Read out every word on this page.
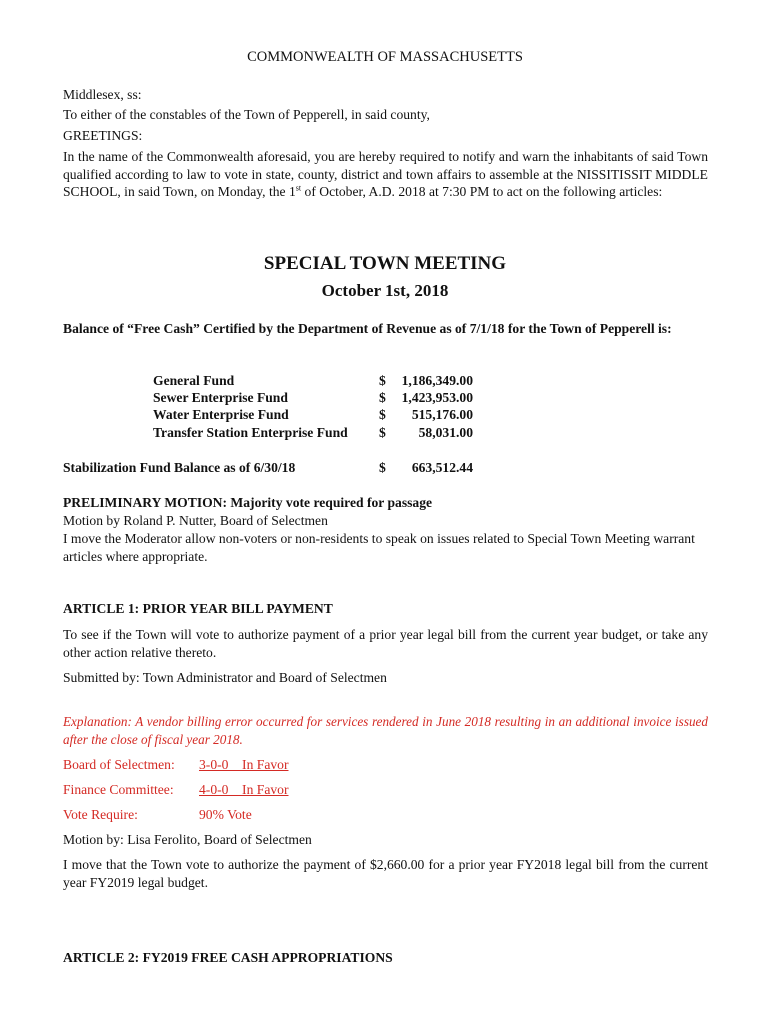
COMMONWEALTH OF MASSACHUSETTS
Middlesex, ss:
To either of the constables of the Town of Pepperell, in said county,
GREETINGS:
In the name of the Commonwealth aforesaid, you are hereby required to notify and warn the inhabitants of said Town qualified according to law to vote in state, county, district and town affairs to assemble at the NISSITISSIT MIDDLE SCHOOL, in said Town, on Monday, the 1st of October, A.D. 2018 at 7:30 PM to act on the following articles:
SPECIAL TOWN MEETING
October 1st, 2018
Balance of “Free Cash” Certified by the Department of Revenue as of 7/1/18 for the Town of Pepperell is:
General Fund	$ 1,186,349.00
Sewer Enterprise Fund	$ 1,423,953.00
Water Enterprise Fund	$ 515,176.00
Transfer Station Enterprise Fund $ 58,031.00
Stabilization Fund Balance as of 6/30/18	$ 663,512.44
PRELIMINARY MOTION: Majority vote required for passage
Motion by Roland P. Nutter, Board of Selectmen
I move the Moderator allow non-voters or non-residents to speak on issues related to Special Town Meeting warrant articles where appropriate.
ARTICLE 1: PRIOR YEAR BILL PAYMENT
To see if the Town will vote to authorize payment of a prior year legal bill from the current year budget, or take any other action relative thereto.
Submitted by: Town Administrator and Board of Selectmen
Explanation: A vendor billing error occurred for services rendered in June 2018 resulting in an additional invoice issued after the close of fiscal year 2018.
Board of Selectmen: 3-0-0    In Favor
Finance Committee: 4-0-0    In Favor
Vote Require:	90% Vote
Motion by: Lisa Ferolito, Board of Selectmen
I move that the Town vote to authorize the payment of $2,660.00 for a prior year FY2018 legal bill from the current year FY2019 legal budget.
ARTICLE 2: FY2019 FREE CASH APPROPRIATIONS
